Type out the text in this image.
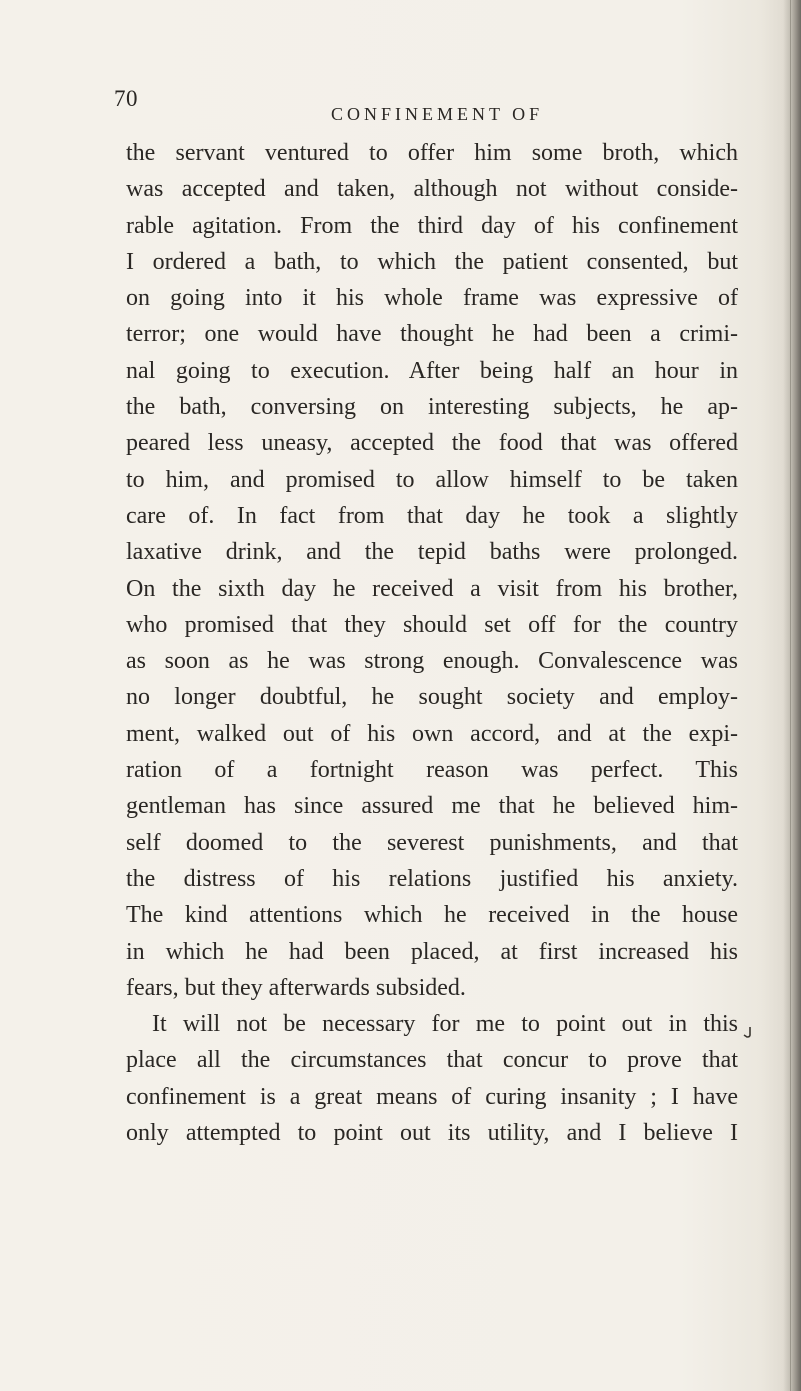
70
CONFINEMENT OF
the servant ventured to offer him some broth, which
was accepted and taken, although not without conside-
rable agitation. From the third day of his confinement
I ordered a bath, to which the patient consented, but
on going into it his whole frame was expressive of
terror; one would have thought he had been a crimi-
nal going to execution. After being half an hour in
the bath, conversing on interesting subjects, he ap-
peared less uneasy, accepted the food that was offered
to him, and promised to allow himself to be taken
care of. In fact from that day he took a slightly
laxative drink, and the tepid baths were prolonged.
On the sixth day he received a visit from his brother,
who promised that they should set off for the country
as soon as he was strong enough. Convalescence was
no longer doubtful, he sought society and employ-
ment, walked out of his own accord, and at the expi-
ration of a fortnight reason was perfect. This
gentleman has since assured me that he believed him-
self doomed to the severest punishments, and that
the distress of his relations justified his anxiety.
The kind attentions which he received in the house
in which he had been placed, at first increased his
fears, but they afterwards subsided.
It will not be necessary for me to point out in this
place all the circumstances that concur to prove that
confinement is a great means of curing insanity ; I have
only attempted to point out its utility, and I believe I
